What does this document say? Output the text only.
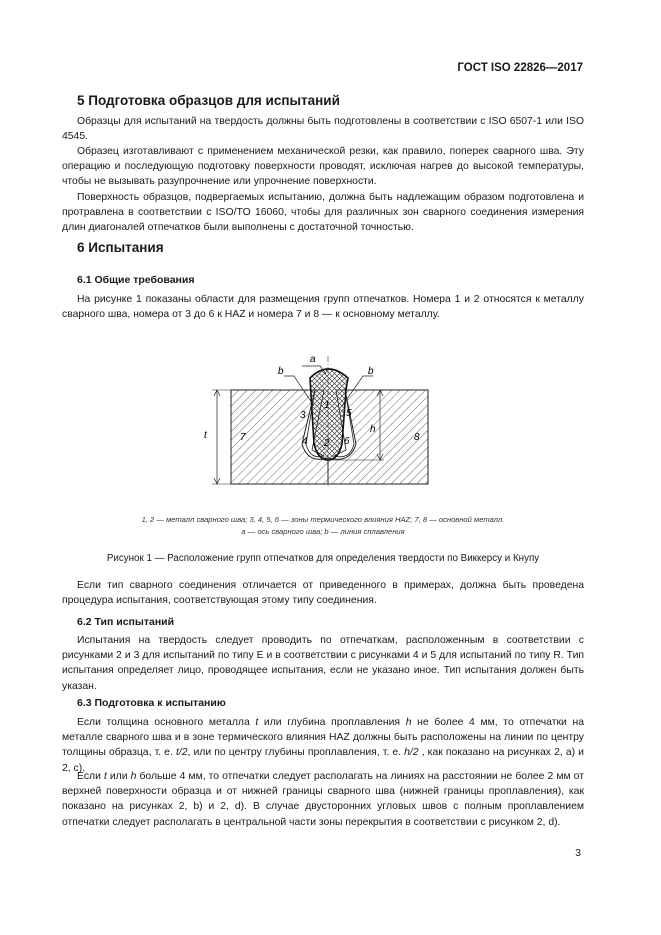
ГОСТ ISO 22826—2017
5 Подготовка образцов для испытаний

Образцы для испытаний на твердость должны быть подготовлены в соответствии с ISO 6507-1 или ISO 4545.

Образец изготавливают с применением механической резки, как правило, поперек сварного шва. Эту операцию и последующую подготовку поверхности проводят, исключая нагрев до высокой температуры, чтобы не вызывать разупрочнение или упрочнение поверхности.

Поверхность образцов, подвергаемых испытанию, должна быть надлежащим образом подготовлена и протравлена в соответствии с ISO/TO 16060, чтобы для различных зон сварного соединения измерения длин диагоналей отпечатков были выполнены с достаточной точностью.

6 Испытания
6.1 Общие требования

На рисунке 1 показаны области для размещения групп отпечатков. Номера 1 и 2 относятся к металлу сварного шва, номера от 3 до 6 к HAZ и номера 7 и 8 — к основному металлу.

b	b
a
t
h
1
2
3
4
5
6
7	8
1, 2 — металл сварного шва; 3, 4, 5, 6 — зоны термического влияния HAZ; 7, 8 — основной металл.
a — ось сварного шва; b — линия сплавления
Рисунок 1 — Расположение групп отпечатков для определения твердости по Виккерсу и Кнупу

Если тип сварного соединения отличается от приведенного в примерах, должна быть проведена процедура испытания, соответствующая этому типу соединения.

6.2 Тип испытаний

Испытания на твердость следует проводить по отпечаткам, расположенным в соответствии с рисунками 2 и 3 для испытаний по типу E и в соответствии с рисунками 4 и 5 для испытаний по типу R. Тип испытания определяет лицо, проводящее испытания, если не указано иное. Тип испытания должен быть указан.

6.3 Подготовка к испытанию

Если толщина основного металла t или глубина проплавления h не более 4 мм, то отпечатки на металле сварного шва и в зоне термического влияния HAZ должны быть расположены на линии по центру толщины образца, т. е. t/2, или по центру глубины проплавления, т. е. h/2 , как показано на рисунках 2, а) и 2, с).

Если t или h больше 4 мм, то отпечатки следует располагать на линиях на расстоянии не более 2 мм от верхней поверхности образца и от нижней границы сварного шва (нижней границы проплавления), как показано на рисунках 2, b) и 2, d). В случае двусторонних угловых швов с полным проплавлением отпечатки следует располагать в центральной части зоны перекрытия в соответствии с рисунком 2, d).

3
